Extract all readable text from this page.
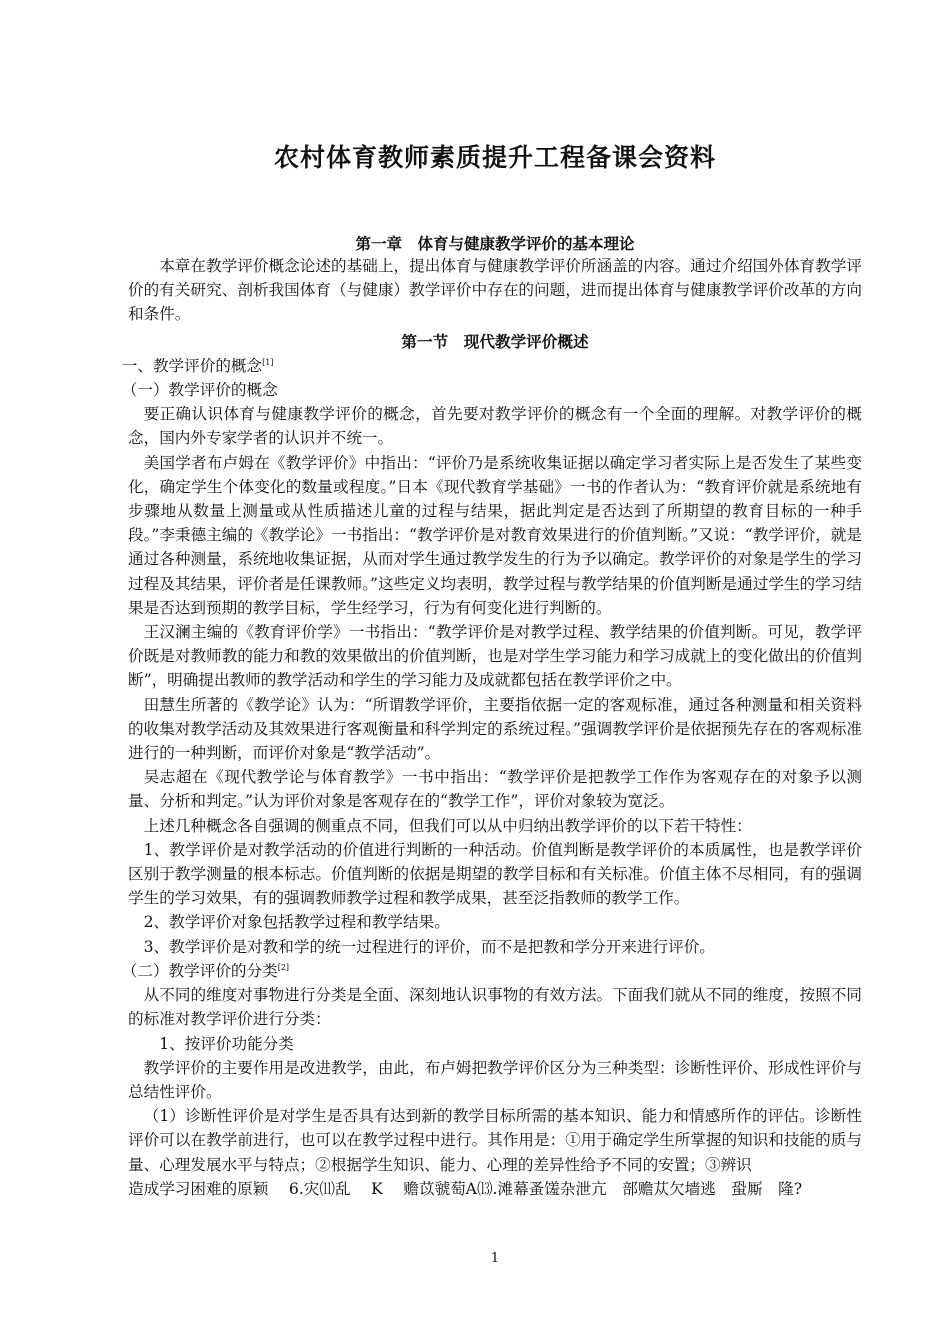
农村体育教师素质提升工程备课会资料
第一章　体育与健康教学评价的基本理论

本章在教学评价概念论述的基础上，提出体育与健康教学评价所涵盖的内容。通过介绍国外体育教学评价的有关研究、剖析我国体育（与健康）教学评价中存在的问题，进而提出体育与健康教学评价改革的方向和条件。

第一节　现代教学评价概述

一、教学评价的概念[1]

（一）教学评价的概念

要正确认识体育与健康教学评价的概念，首先要对教学评价的概念有一个全面的理解。对教学评价的概念，国内外专家学者的认识并不统一。

美国学者布卢姆在《教学评价》中指出：“评价乃是系统收集证据以确定学习者实际上是否发生了某些变化，确定学生个体变化的数量或程度。”日本《现代教育学基础》一书的作者认为：“教育评价就是系统地有步骤地从数量上测量或从性质描述儿童的过程与结果，据此判定是否达到了所期望的教育目标的一种手段。”李秉德主编的《教学论》一书指出：“教学评价是对教育效果进行的价值判断。”又说：“教学评价，就是通过各种测量，系统地收集证据，从而对学生通过教学发生的行为予以确定。教学评价的对象是学生的学习过程及其结果，评价者是任课教师。”这些定义均表明，教学过程与教学结果的价值判断是通过学生的学习结果是否达到预期的教学目标，学生经学习，行为有何变化进行判断的。

王汉澜主编的《教育评价学》一书指出：“教学评价是对教学过程、教学结果的价值判断。可见，教学评价既是对教师教的能力和教的效果做出的价值判断，也是对学生学习能力和学习成就上的变化做出的价值判断”，明确提出教师的教学活动和学生的学习能力及成就都包括在教学评价之中。

田慧生所著的《教学论》认为：“所谓教学评价，主要指依据一定的客观标准，通过各种测量和相关资料的收集对教学活动及其效果进行客观衡量和科学判定的系统过程。”强调教学评价是依据预先存在的客观标准进行的一种判断，而评价对象是“教学活动”。

吴志超在《现代教学论与体育教学》一书中指出：“教学评价是把教学工作作为客观存在的对象予以测量、分析和判定。”认为评价对象是客观存在的“教学工作”，评价对象较为宽泛。

上述几种概念各自强调的侧重点不同，但我们可以从中归纳出教学评价的以下若干特性：

1、教学评价是对教学活动的价值进行判断的一种活动。价值判断是教学评价的本质属性，也是教学评价区别于教学测量的根本标志。价值判断的依据是期望的教学目标和有关标准。价值主体不尽相同，有的强调学生的学习效果，有的强调教师教学过程和教学成果，甚至泛指教师的教学工作。

2、教学评价对象包括教学过程和教学结果。

3、教学评价是对教和学的统一过程进行的评价，而不是把教和学分开来进行评价。

（二）教学评价的分类[2]

从不同的维度对事物进行分类是全面、深刻地认识事物的有效方法。下面我们就从不同的维度，按照不同的标准对教学评价进行分类：

1、按评价功能分类

教学评价的主要作用是改进教学，由此，布卢姆把教学评价区分为三种类型：诊断性评价、形成性评价与总结性评价。

（1）诊断性评价是对学生是否具有达到新的教学目标所需的基本知识、能力和情感所作的评估。诊断性评价可以在教学前进行，也可以在教学过程中进行。其作用是：①用于确定学生所掌握的知识和技能的质与量、心理发展水平与特点；②根据学生知识、能力、心理的差异性给予不同的安置；③辨识

造成学习困难的原颖　 6.灾⑾乱　 K　 赡苡虢萄A⒀.滩幕蚤馐杂泄亢　部赡苁欠墙逃　蛩厮　隆?

1
